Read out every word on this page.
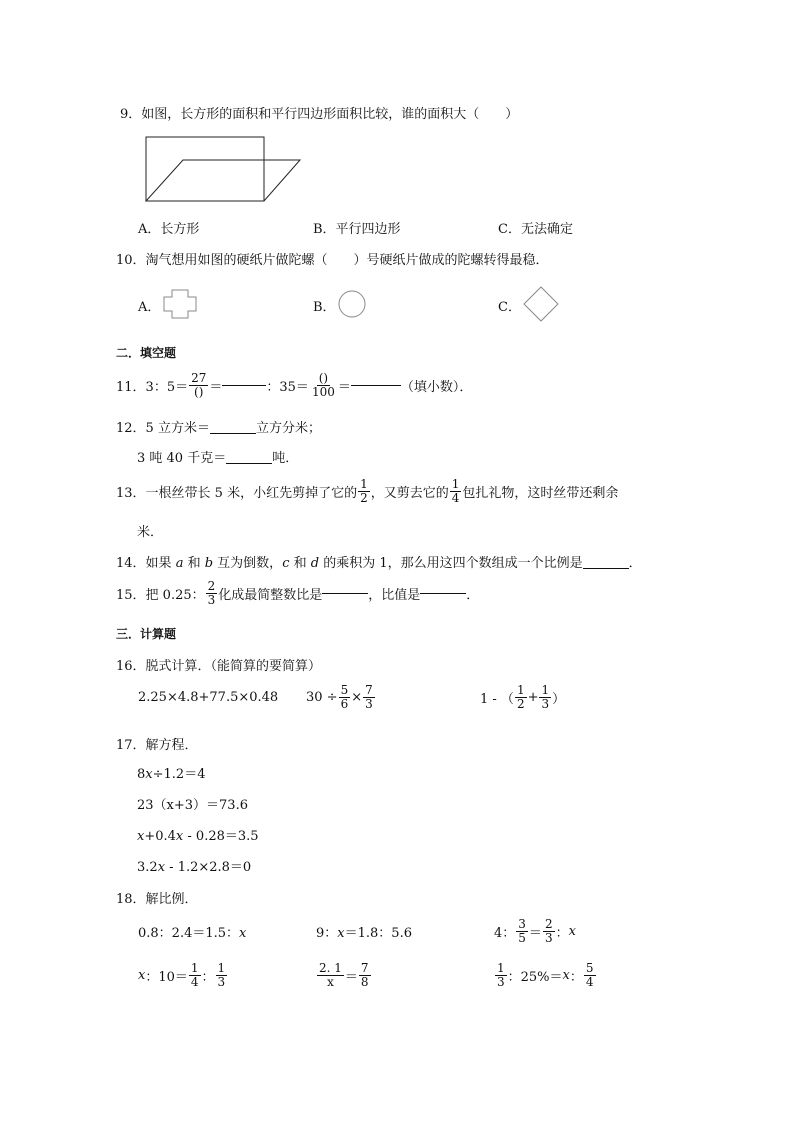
9．如图，长方形的面积和平行四边形面积比较，谁的面积大（　　）
A．长方形	B．平行四边形	C．无法确定
10．淘气想用如图的硬纸片做陀螺（　　）号硬纸片做成的陀螺转得最稳．
A．	B．	C．
二．填空题
11．3：$5= \frac{27}{()}$ ＝	：$35= \frac{()}{100}$ ＝	（填小数）．
12．5 立方米＝	立方分米；
3 吨 40 千克＝	吨．
13．一根丝带长 5 米，小红先剪掉了它的 $\frac{1}{2}$ ，又剪去它的 $\frac{1}{4}$ 包扎礼物，这时丝带还剩余
米．
14．如果 a 和 b 互为倒数，c 和 d 的乘积为 1，那么用这四个数组成一个比例是	．
15．把 0.25： $\frac{2}{3}$ 化成最简整数比是	，比值是	．
三．计算题
16．脱式计算．（能简算的要简算）
2.25×4.8+77.5×0.48 $30 \div \frac{5}{6} \times \frac{7}{3}$	1 - （ $\frac{1}{2} + \frac{1}{3}$ ）
17．解方程．
8x÷1.2＝4
23（x+3）＝73.6
x+0.4x - 0.28＝3.5
3.2x - 1.2×2.8＝0
18．解比例．
0.8：2.4＝1.5：x	9：x＝1.8：5.6	4： $\frac{3}{5} = \frac{2}{3}$ ： x
x ：$10= \frac{1}{4}$ ： $\frac{1}{3}$	$\frac{2. 1}{x} = \frac{7}{8}$	$\frac{1}{3}$ ：25%＝ x ： $\frac{5}{4}$
